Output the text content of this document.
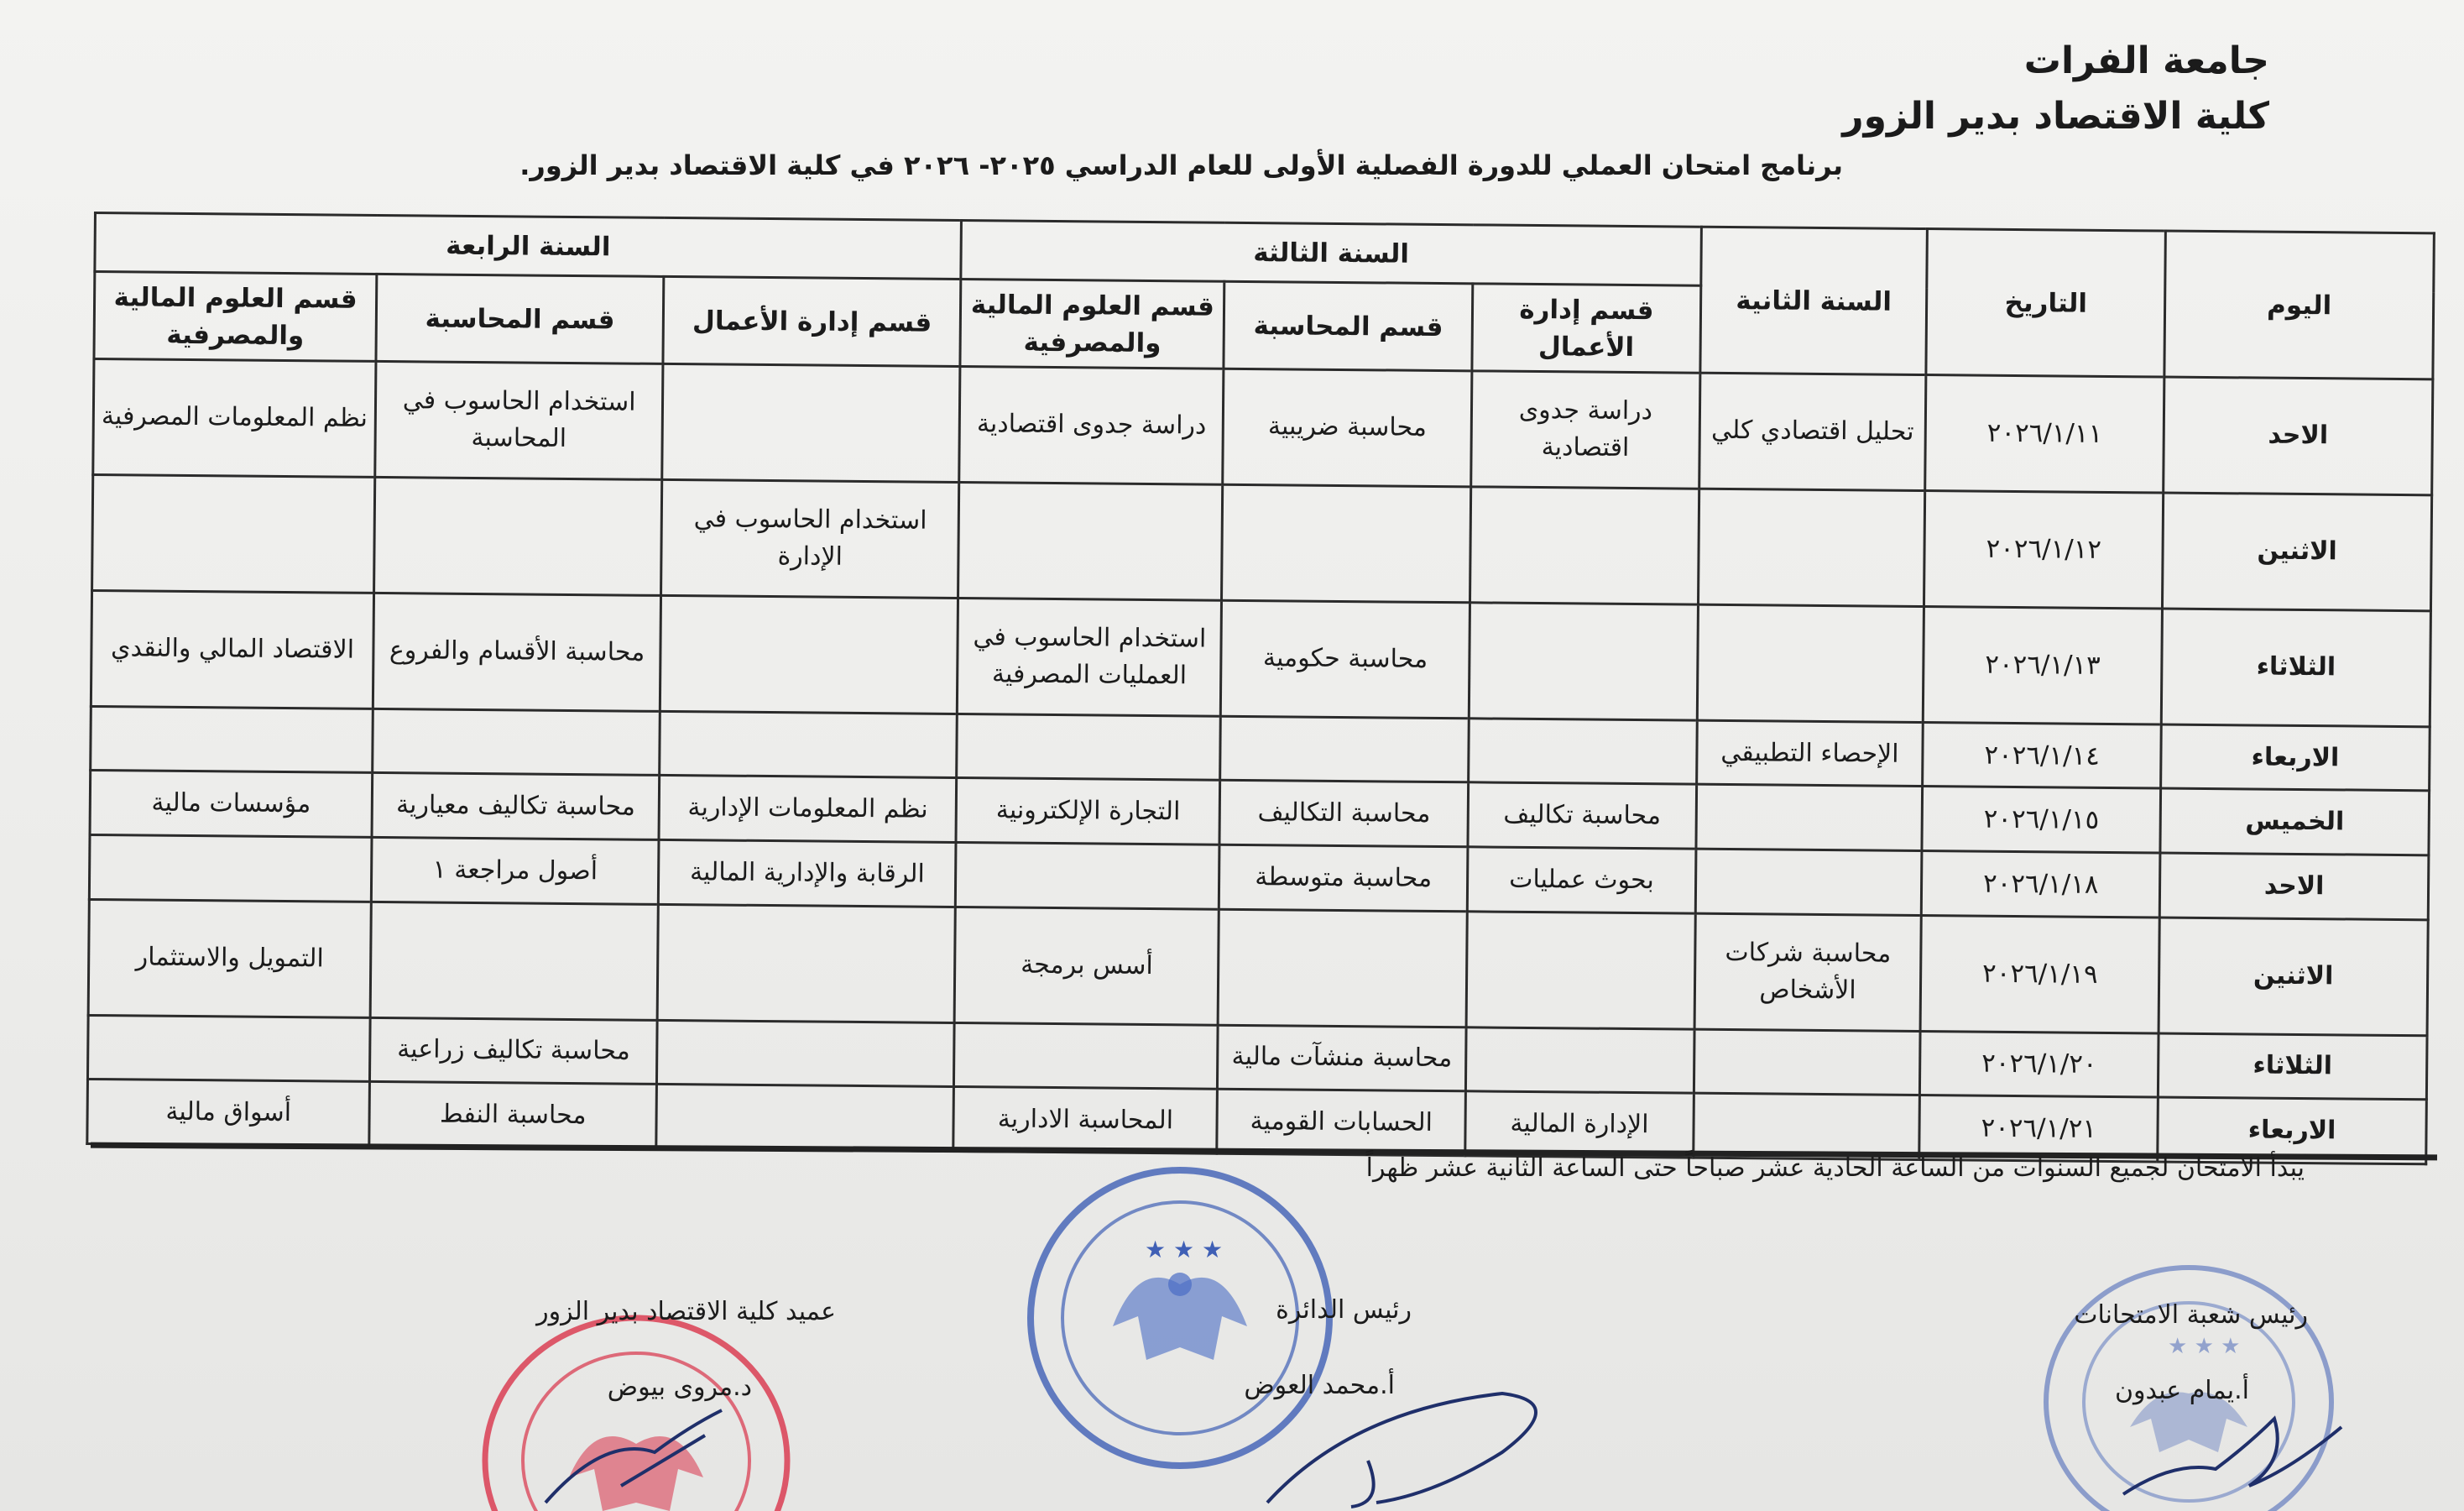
جامعة الفرات
كلية الاقتصاد بدير الزور
برنامج امتحان العملي للدورة الفصلية الأولى للعام الدراسي ٢٠٢٥- ٢٠٢٦ في كلية الاقتصاد بدير الزور.
اليوم	التاريخ	السنة الثانية	السنة الثالثة			السنة الرابعة		
			قسم إدارة الأعمال	قسم المحاسبة	قسم العلوم المالية والمصرفية	قسم إدارة الأعمال	قسم المحاسبة	قسم العلوم المالية والمصرفية
الاحد	٢٠٢٦/١/١١	تحليل اقتصادي كلي	دراسة جدوى اقتصادية	محاسبة ضريبية	دراسة جدوى اقتصادية		استخدام الحاسوب في المحاسبة	نظم المعلومات المصرفية
الاثنين	٢٠٢٦/١/١٢					استخدام الحاسوب في الإدارة		
الثلاثاء	٢٠٢٦/١/١٣			محاسبة حكومية	استخدام الحاسوب في العمليات المصرفية		محاسبة الأقسام والفروع	الاقتصاد المالي والنقدي
الاربعاء	٢٠٢٦/١/١٤	الإحصاء التطبيقي						
الخميس	٢٠٢٦/١/١٥		محاسبة تكاليف	محاسبة التكاليف	التجارة الإلكترونية	نظم المعلومات الإدارية	محاسبة تكاليف معيارية	مؤسسات مالية
الاحد	٢٠٢٦/١/١٨		بحوث عمليات	محاسبة متوسطة		الرقابة والإدارية المالية	أصول مراجعة ١	
الاثنين	٢٠٢٦/١/١٩	محاسبة شركات الأشخاص			أسس برمجة			التمويل والاستثمار
الثلاثاء	٢٠٢٦/١/٢٠			محاسبة منشآت مالية			محاسبة تكاليف زراعية	
الاربعاء	٢٠٢٦/١/٢١		الإدارة المالية	الحسابات القومية	المحاسبة الادارية		محاسبة النفط	أسواق مالية
يبدأ الامتحان لجميع السنوات من الساعة الحادية عشر صباحاً حتى الساعة الثانية عشر ظهراً
★ ★ ★
★ ★ ★
رئيس شعبة الامتحانات
أ.يمام عبدون
رئيس الدائرة
أ.محمد العوض
عميد كلية الاقتصاد بدير الزور
د.مروى بيوض
